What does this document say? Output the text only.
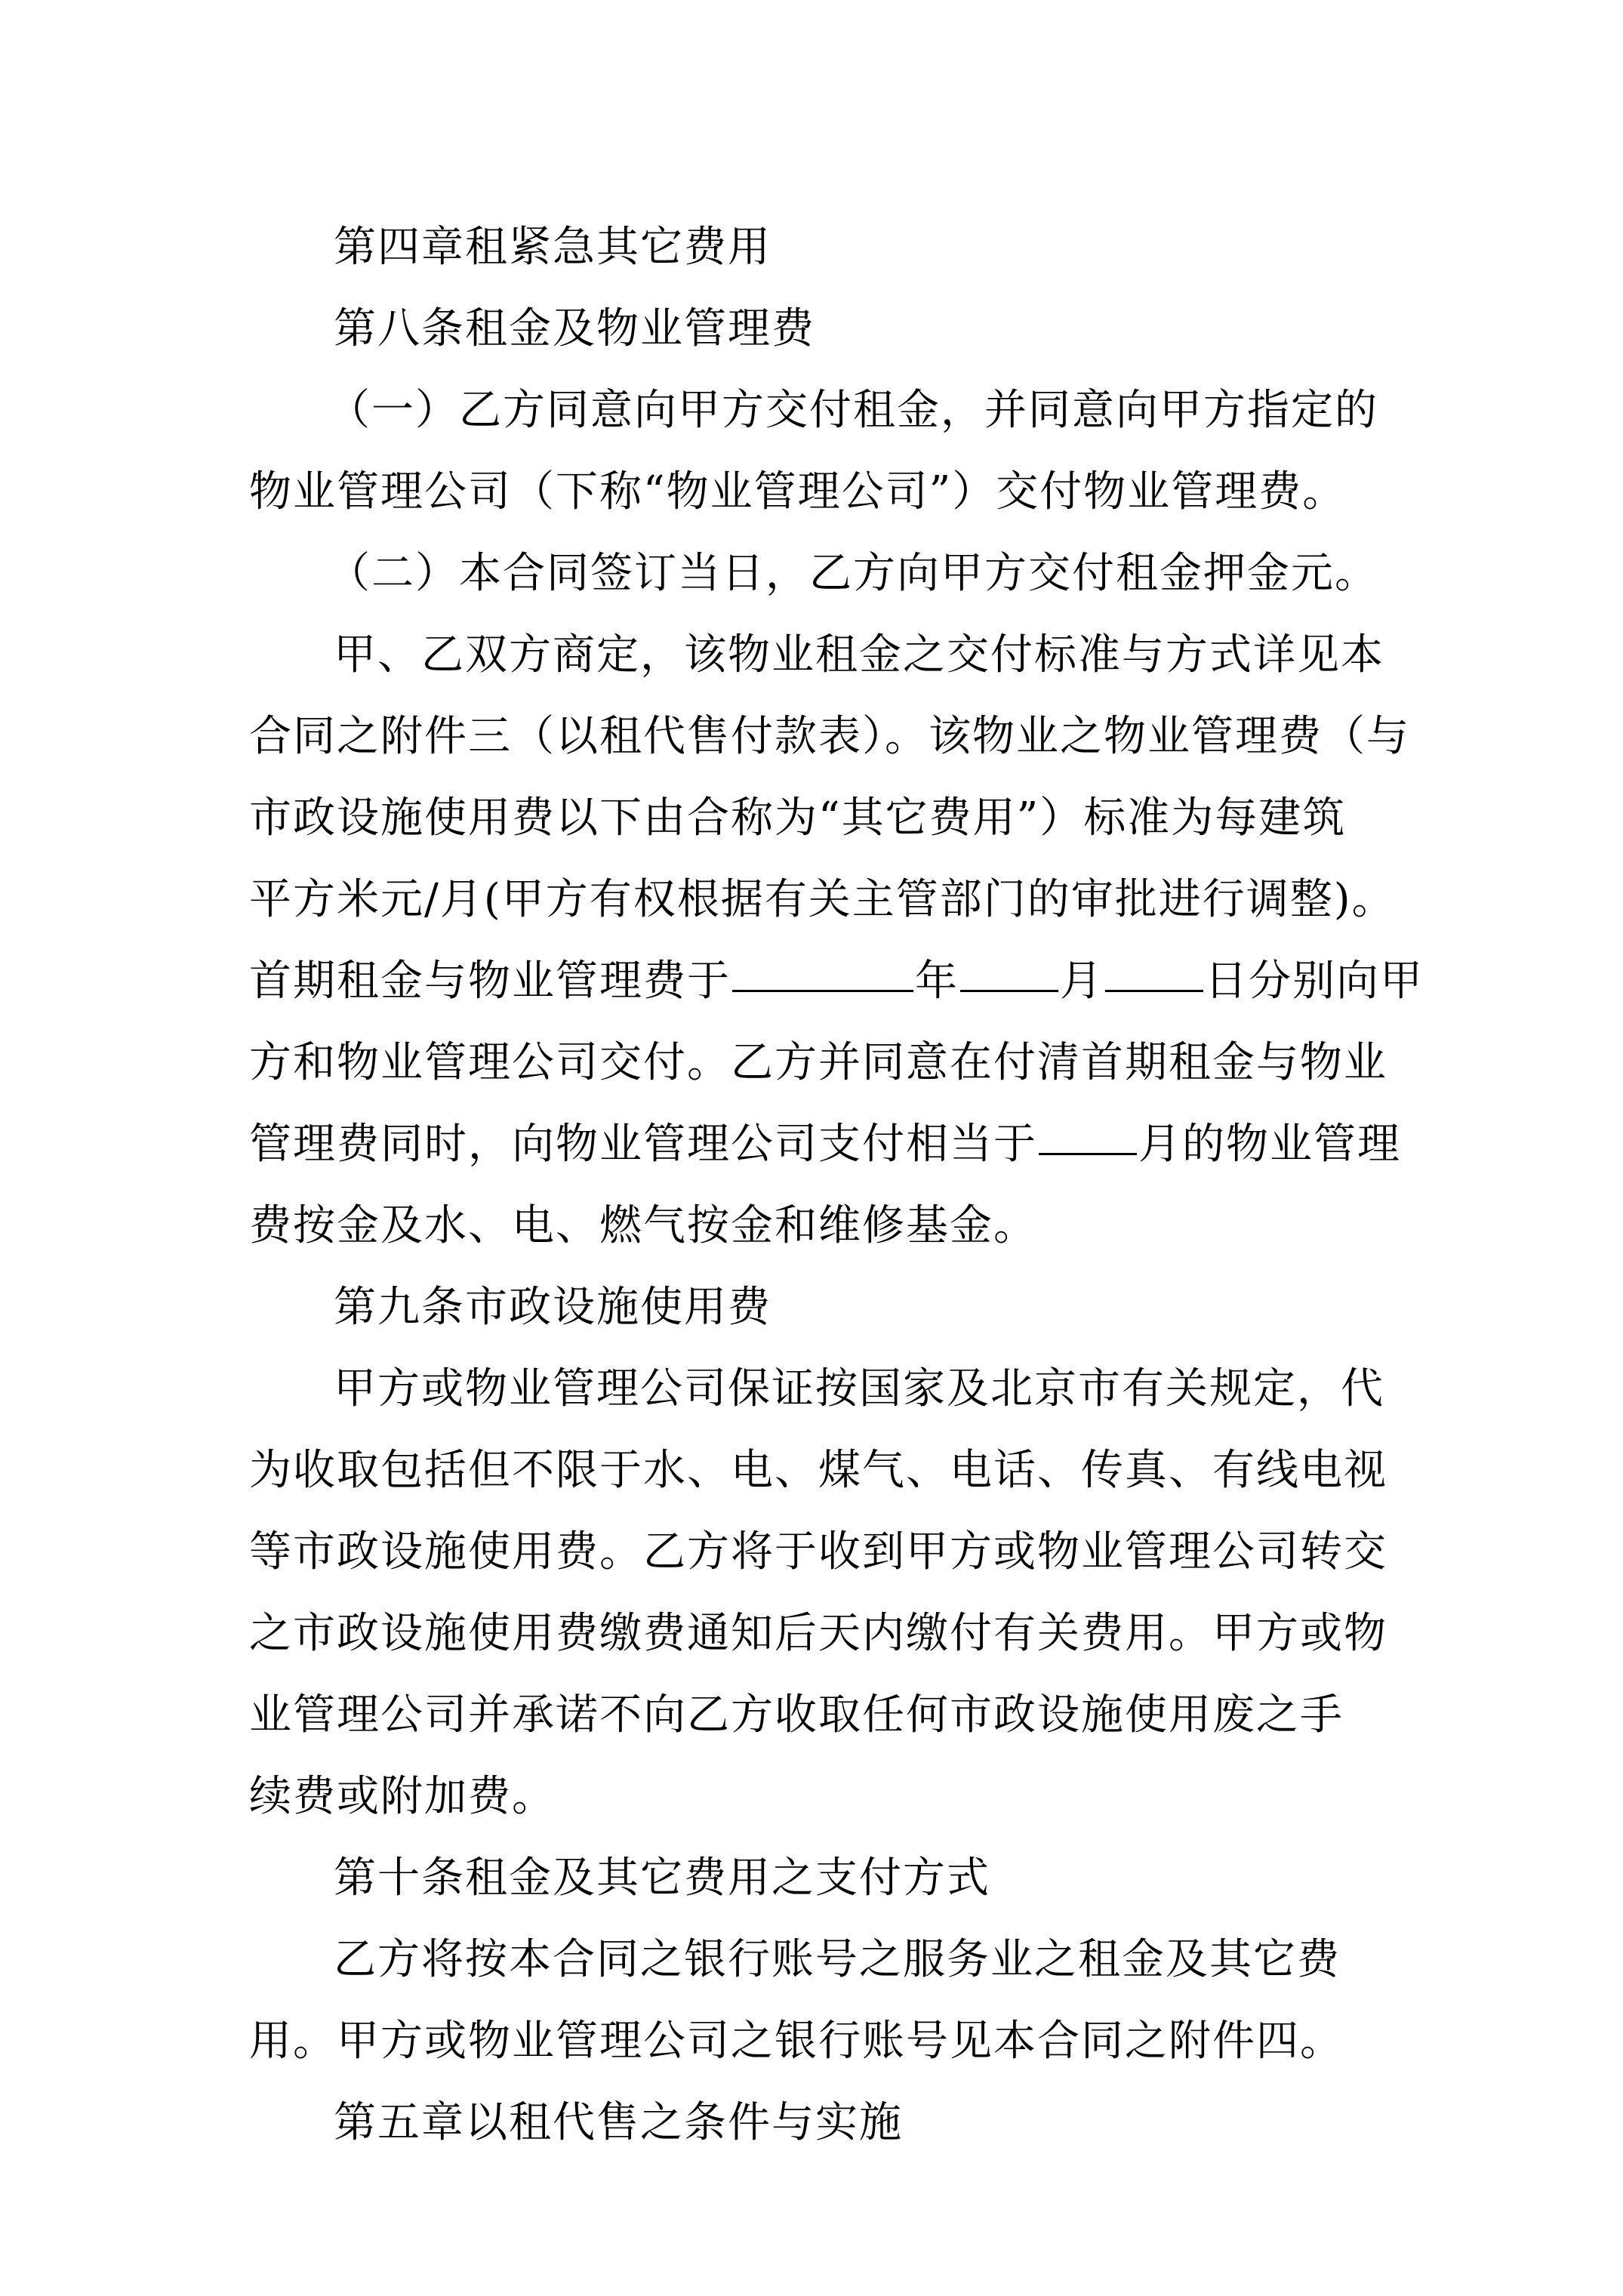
第四章租紧急其它费用
第八条租金及物业管理费
（一）乙方同意向甲方交付租金，并同意向甲方指定的
物业管理公司（下称“物业管理公司”）交付物业管理费。
（二）本合同签订当日，乙方向甲方交付租金押金元。
甲、乙双方商定，该物业租金之交付标准与方式详见本
合同之附件三（以租代售付款表）。该物业之物业管理费（与
市政设施使用费以下由合称为“其它费用”）标准为每建筑
平方米元/月(甲方有权根据有关主管部门的审批进行调整)。
首期租金与物业管理费于	年 月 日分别向甲
方和物业管理公司交付。乙方并同意在付清首期租金与物业
管理费同时，向物业管理公司支付相当于 月的物业管理
费按金及水、电、燃气按金和维修基金。
第九条市政设施使用费
甲方或物业管理公司保证按国家及北京市有关规定，代
为收取包括但不限于水、电、煤气、电话、传真、有线电视
等市政设施使用费。乙方将于收到甲方或物业管理公司转交
之市政设施使用费缴费通知后天内缴付有关费用。甲方或物
业管理公司并承诺不向乙方收取任何市政设施使用废之手
续费或附加费。
第十条租金及其它费用之支付方式
乙方将按本合同之银行账号之服务业之租金及其它费
用。甲方或物业管理公司之银行账号见本合同之附件四。
第五章以租代售之条件与实施
